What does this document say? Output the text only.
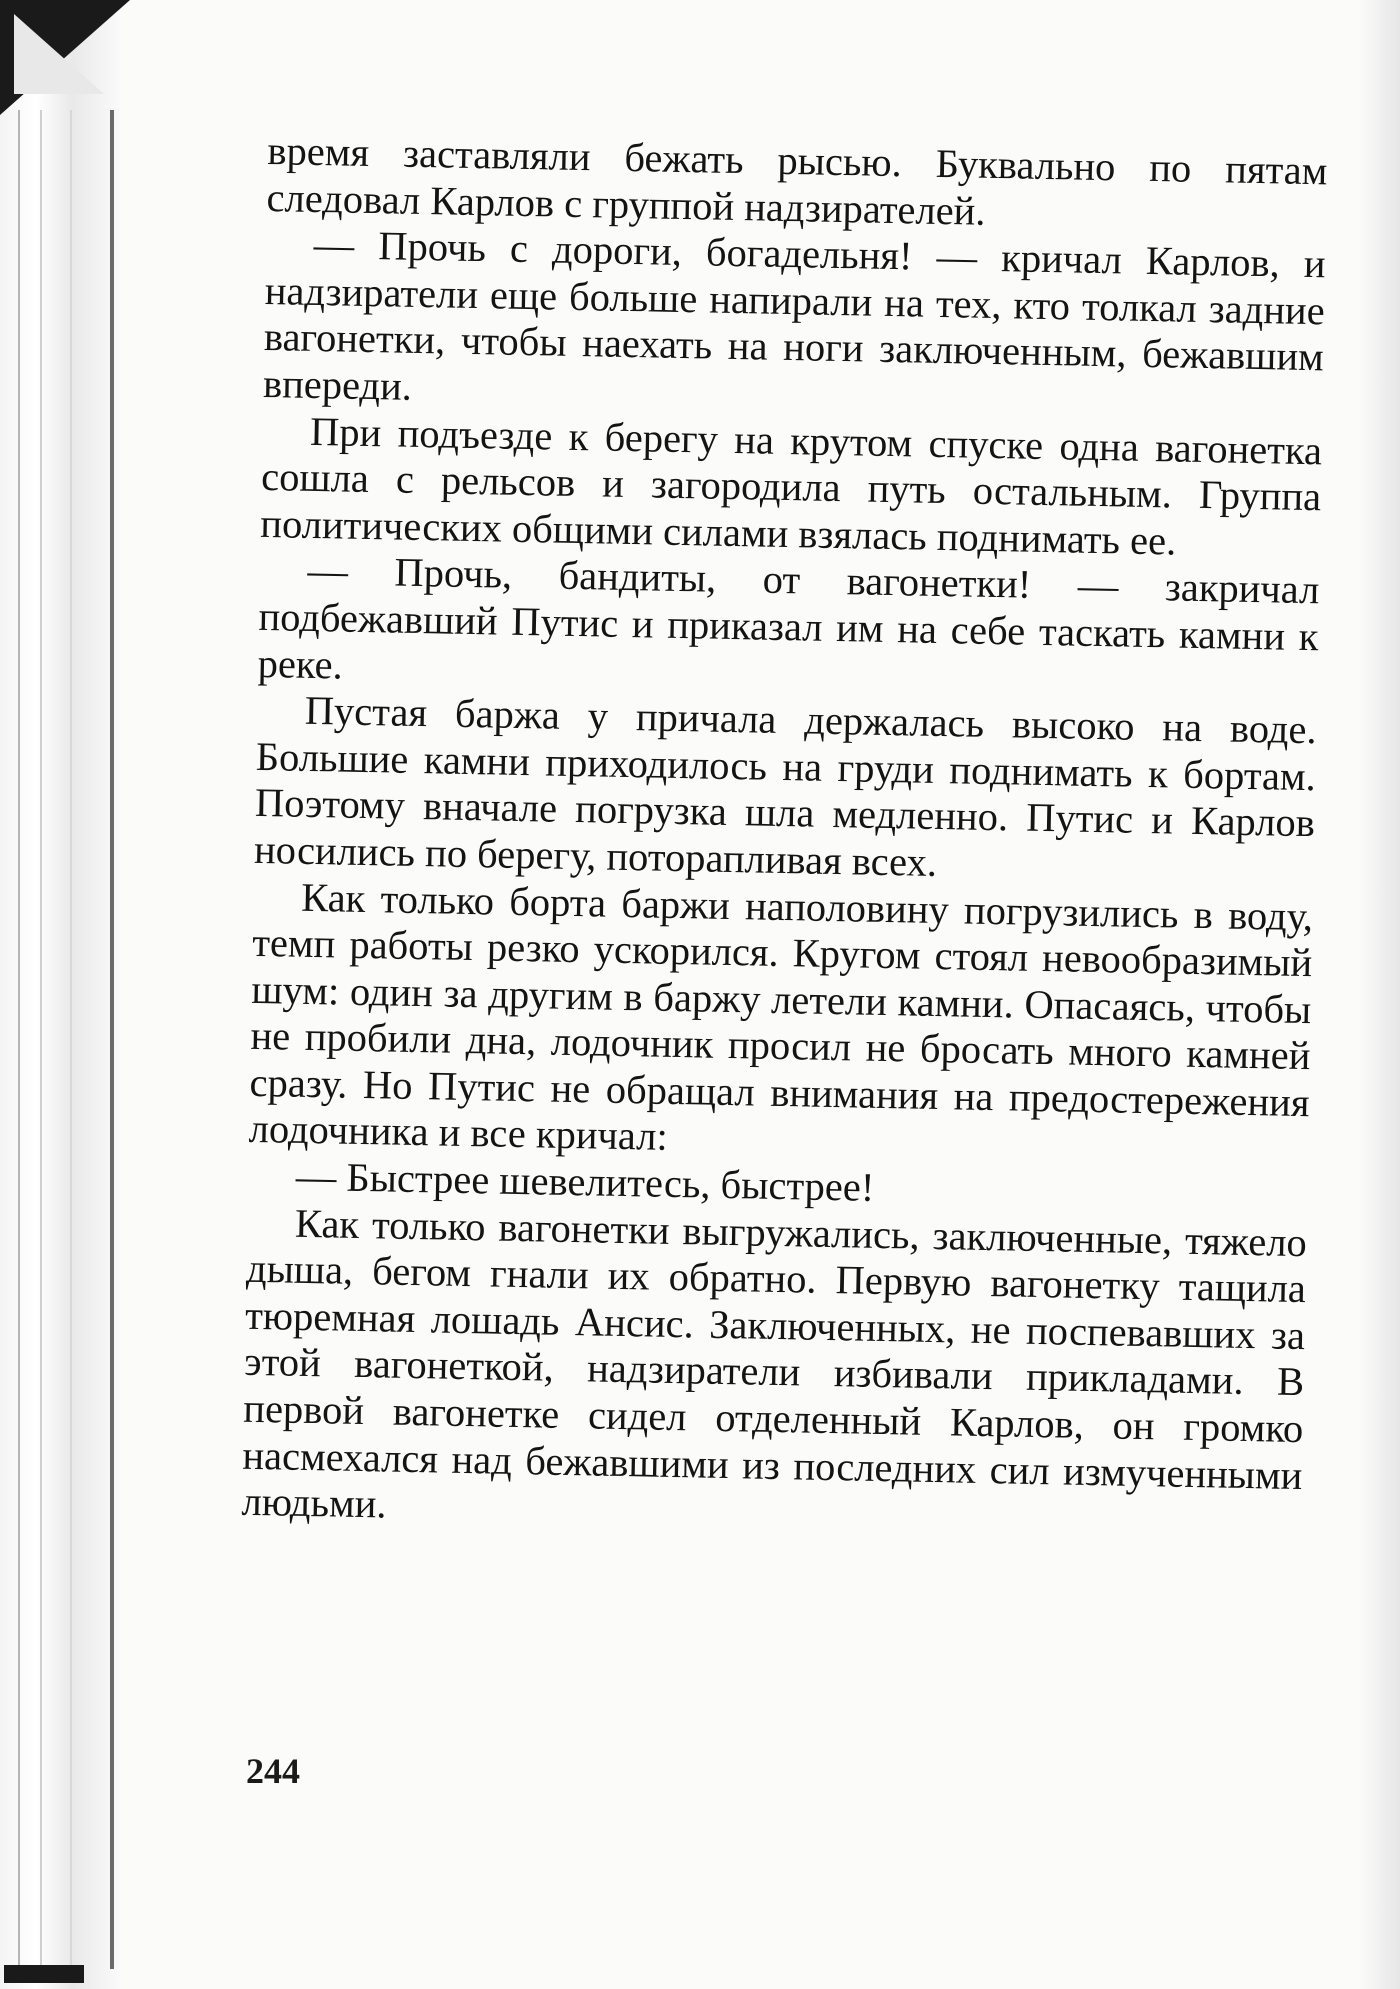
время заставляли бежать рысью. Буквально по пятам следовал Карлов с группой надзирателей.

— Прочь с дороги, богадельня! — кричал Карлов, и надзиратели еще больше напирали на тех, кто толкал задние вагонетки, чтобы наехать на ноги заключенным, бежавшим впереди.

При подъезде к берегу на крутом спуске одна вагонетка сошла с рельсов и загородила путь остальным. Группа политических общими силами взялась поднимать ее.

— Прочь, бандиты, от вагонетки! — закричал подбежавший Путис и приказал им на себе таскать камни к реке.

Пустая баржа у причала держалась высоко на воде. Большие камни приходилось на груди поднимать к бортам. Поэтому вначале погрузка шла медленно. Путис и Карлов носились по берегу, поторапливая всех.

Как только борта баржи наполовину погрузились в воду, темп работы резко ускорился. Кругом стоял невообразимый шум: один за другим в баржу летели камни. Опасаясь, чтобы не пробили дна, лодочник просил не бросать много камней сразу. Но Путис не обращал внимания на предостережения лодочника и все кричал:

— Быстрее шевелитесь, быстрее!

Как только вагонетки выгружались, заключенные, тяжело дыша, бегом гнали их обратно. Первую вагонетку тащила тюремная лошадь Ансис. Заключенных, не поспевавших за этой вагонеткой, надзиратели избивали прикладами. В первой вагонетке сидел отделенный Карлов, он громко насмехался над бежавшими из последних сил измученными людьми.

244
